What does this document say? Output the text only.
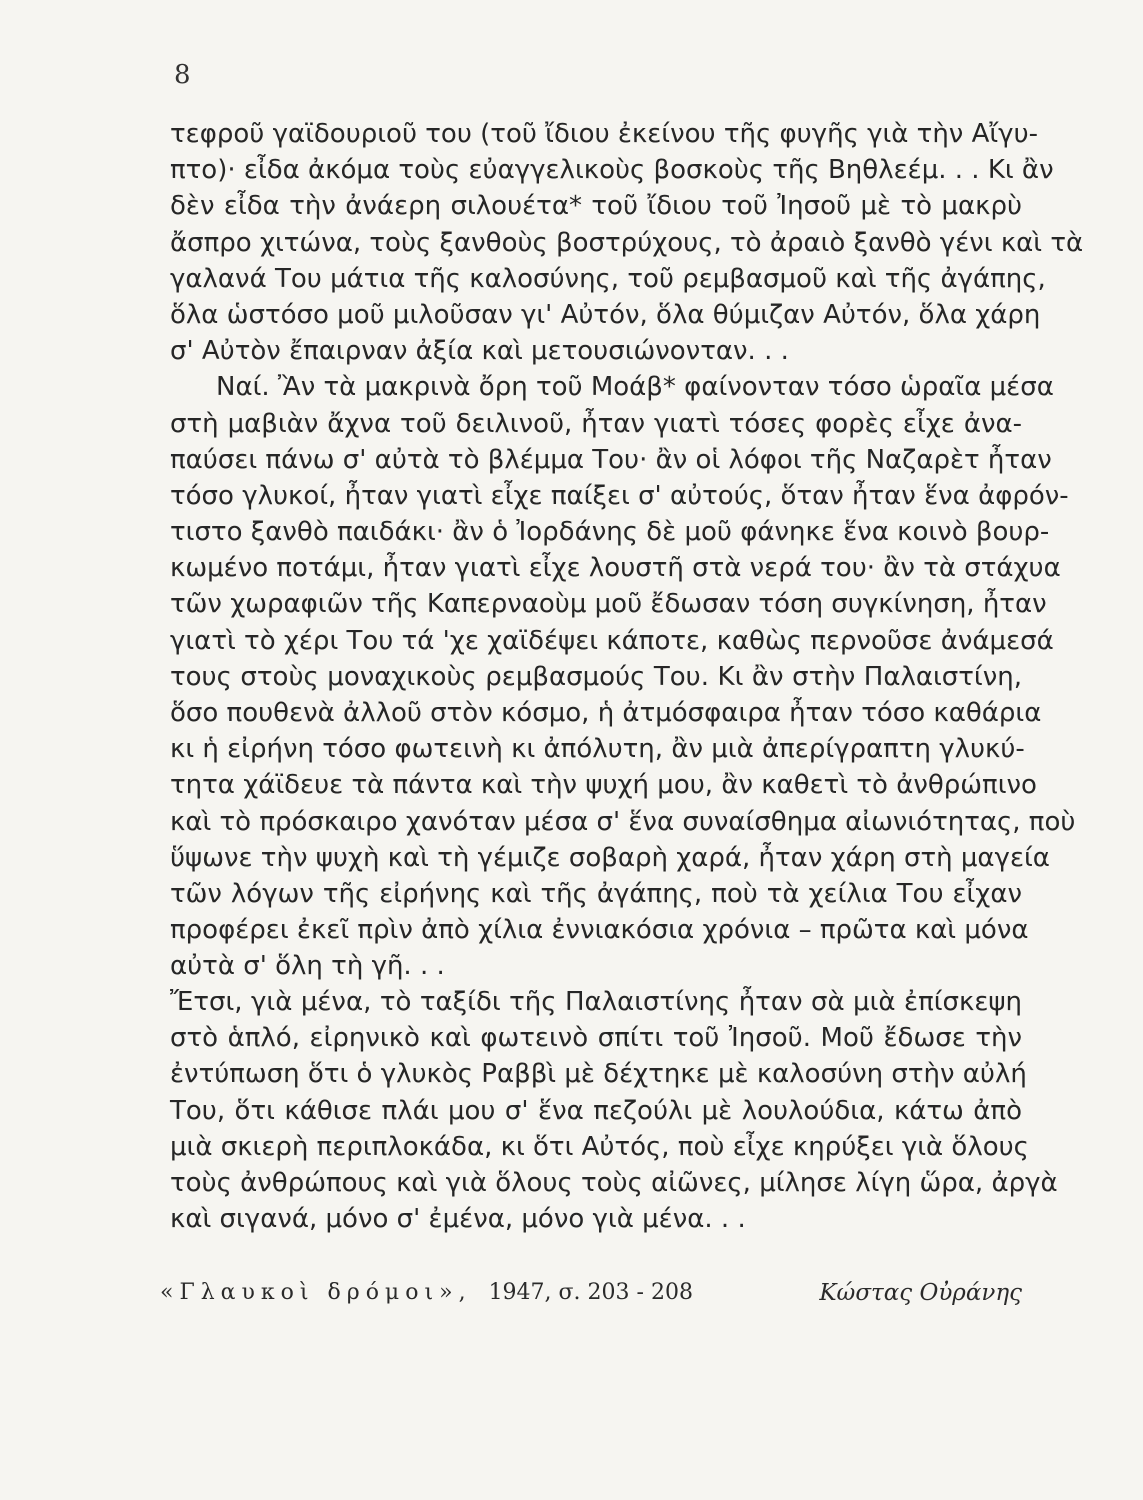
8
τεφροῦ γαϊδουριοῦ του (τοῦ ἴδιου ἐκείνου τῆς φυγῆς γιὰ τὴν Αἴγυ-
πτο)· εἶδα ἀκόμα τοὺς εὐαγγελικοὺς βοσκοὺς τῆς Βηθλεέμ. . . Κι ἂν
δὲν εἶδα τὴν ἀνάερη σιλουέτα* τοῦ ἴδιου τοῦ Ἰησοῦ μὲ τὸ μακρὺ
ἄσπρο χιτώνα, τοὺς ξανθοὺς βοστρύχους, τὸ ἀραιὸ ξανθὸ γένι καὶ τὰ
γαλανά Του μάτια τῆς καλοσύνης, τοῦ ρεμβασμοῦ καὶ τῆς ἀγάπης,
ὅλα ὡστόσο μοῦ μιλοῦσαν γι' Αὐτόν, ὅλα θύμιζαν Αὐτόν, ὅλα χάρη
σ' Αὐτὸν ἔπαιρναν ἀξία καὶ μετουσιώνονταν. . .
Ναί. Ἂν τὰ μακρινὰ ὄρη τοῦ Μοάβ* φαίνονταν τόσο ὡραῖα μέσα
στὴ μαβιὰν ἄχνα τοῦ δειλινοῦ, ἦταν γιατὶ τόσες φορὲς εἶχε ἀνα-
παύσει πάνω σ' αὐτὰ τὸ βλέμμα Του· ἂν οἱ λόφοι τῆς Ναζαρὲτ ἦταν
τόσο γλυκοί, ἦταν γιατὶ εἶχε παίξει σ' αὐτούς, ὅταν ἦταν ἕνα ἀφρόν-
τιστο ξανθὸ παιδάκι· ἂν ὁ Ἰορδάνης δὲ μοῦ φάνηκε ἕνα κοινὸ βουρ-
κωμένο ποτάμι, ἦταν γιατὶ εἶχε λουστῆ στὰ νερά του· ἂν τὰ στάχυα
τῶν χωραφιῶν τῆς Καπερναοὺμ μοῦ ἔδωσαν τόση συγκίνηση, ἦταν
γιατὶ τὸ χέρι Του τά 'χε χαϊδέψει κάποτε, καθὼς περνοῦσε ἀνάμεσά
τους στοὺς μοναχικοὺς ρεμβασμούς Του. Κι ἂν στὴν Παλαιστίνη,
ὅσο πουθενὰ ἀλλοῦ στὸν κόσμο, ἡ ἀτμόσφαιρα ἦταν τόσο καθάρια
κι ἡ εἰρήνη τόσο φωτεινὴ κι ἀπόλυτη, ἂν μιὰ ἀπερίγραπτη γλυκύ-
τητα χάϊδευε τὰ πάντα καὶ τὴν ψυχή μου, ἂν καθετὶ τὸ ἀνθρώπινο
καὶ τὸ πρόσκαιρο χανόταν μέσα σ' ἕνα συναίσθημα αἰωνιότητας, ποὺ
ὕψωνε τὴν ψυχὴ καὶ τὴ γέμιζε σοβαρὴ χαρά, ἦταν χάρη στὴ μαγεία
τῶν λόγων τῆς εἰρήνης καὶ τῆς ἀγάπης, ποὺ τὰ χείλια Του εἶχαν
προφέρει ἐκεῖ πρὶν ἀπὸ χίλια ἐννιακόσια χρόνια – πρῶτα καὶ μόνα
αὐτὰ σ' ὅλη τὴ γῆ. . .
Ἔτσι, γιὰ μένα, τὸ ταξίδι τῆς Παλαιστίνης ἦταν σὰ μιὰ ἐπίσκεψη
στὸ ἁπλό, εἰρηνικὸ καὶ φωτεινὸ σπίτι τοῦ Ἰησοῦ. Μοῦ ἔδωσε τὴν
ἐντύπωση ὅτι ὁ γλυκὸς Ραββὶ μὲ δέχτηκε μὲ καλοσύνη στὴν αὐλή
Του, ὅτι κάθισε πλάι μου σ' ἕνα πεζούλι μὲ λουλούδια, κάτω ἀπὸ
μιὰ σκιερὴ περιπλοκάδα, κι ὅτι Αὐτός, ποὺ εἶχε κηρύξει γιὰ ὅλους
τοὺς ἀνθρώπους καὶ γιὰ ὅλους τοὺς αἰῶνες, μίλησε λίγη ὥρα, ἀργὰ
καὶ σιγανά, μόνο σ' ἐμένα, μόνο γιὰ μένα. . .
«Γλαυκοὶ δρόμοι», 1947, σ. 203 - 208	Κώστας Οὐράνης
